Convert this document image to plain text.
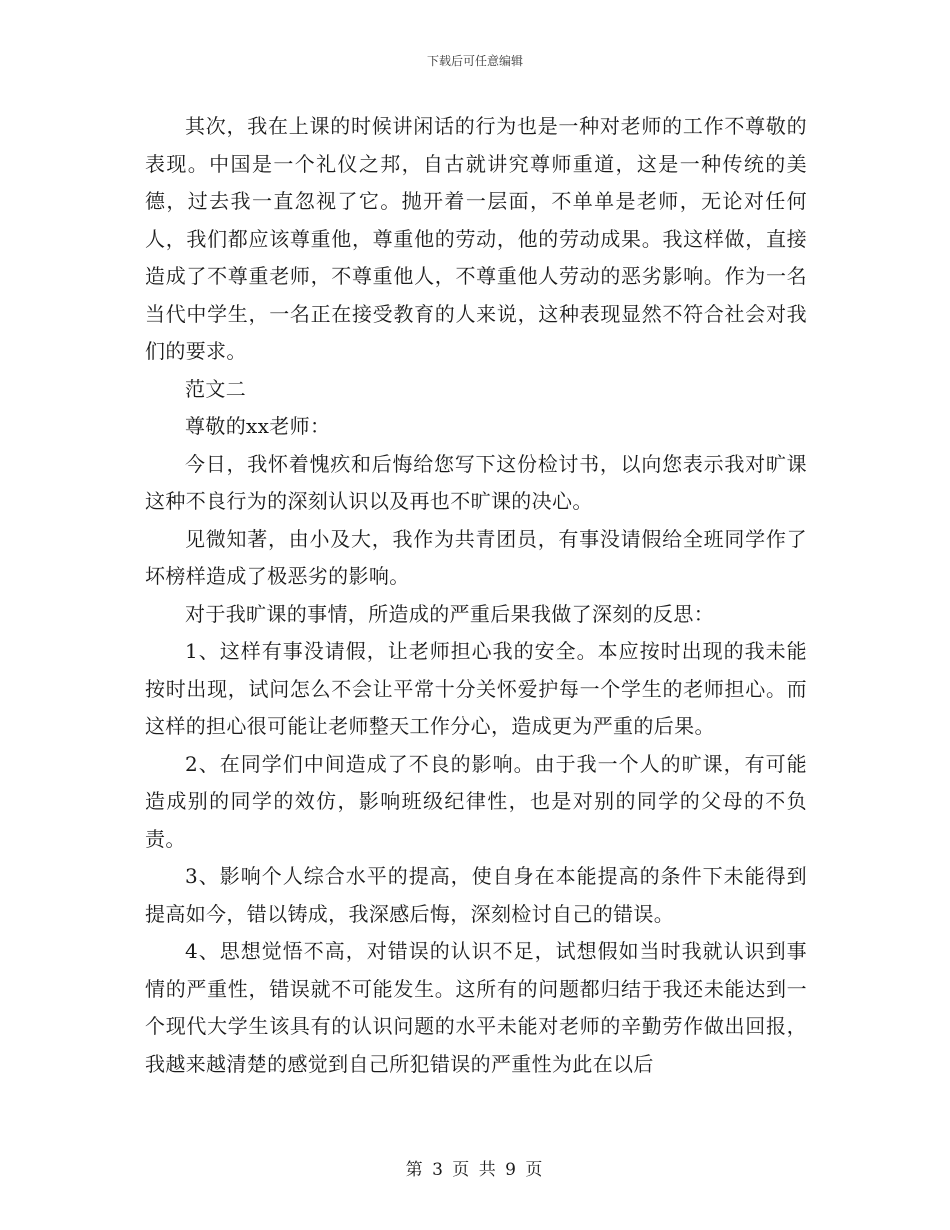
下载后可任意编辑

其次，我在上课的时候讲闲话的行为也是一种对老师的工作不尊敬的表现。中国是一个礼仪之邦，自古就讲究尊师重道，这是一种传统的美德，过去我一直忽视了它。抛开着一层面，不单单是老师，无论对任何人，我们都应该尊重他，尊重他的劳动，他的劳动成果。我这样做，直接造成了不尊重老师，不尊重他人，不尊重他人劳动的恶劣影响。作为一名当代中学生，一名正在接受教育的人来说，这种表现显然不符合社会对我们的要求。

范文二

尊敬的xx老师：

今日，我怀着愧疚和后悔给您写下这份检讨书，以向您表示我对旷课这种不良行为的深刻认识以及再也不旷课的决心。

见微知著，由小及大，我作为共青团员，有事没请假给全班同学作了坏榜样造成了极恶劣的影响。

对于我旷课的事情，所造成的严重后果我做了深刻的反思：

1、这样有事没请假，让老师担心我的安全。本应按时出现的我未能按时出现，试问怎么不会让平常十分关怀爱护每一个学生的老师担心。而这样的担心很可能让老师整天工作分心，造成更为严重的后果。

2、在同学们中间造成了不良的影响。由于我一个人的旷课，有可能造成别的同学的效仿，影响班级纪律性，也是对别的同学的父母的不负责。

3、影响个人综合水平的提高，使自身在本能提高的条件下未能得到提高如今，错以铸成，我深感后悔，深刻检讨自己的错误。

4、思想觉悟不高，对错误的认识不足，试想假如当时我就认识到事情的严重性，错误就不可能发生。这所有的问题都归结于我还未能达到一个现代大学生该具有的认识问题的水平未能对老师的辛勤劳作做出回报，我越来越清楚的感觉到自己所犯错误的严重性为此在以后

第 3 页 共 9 页
